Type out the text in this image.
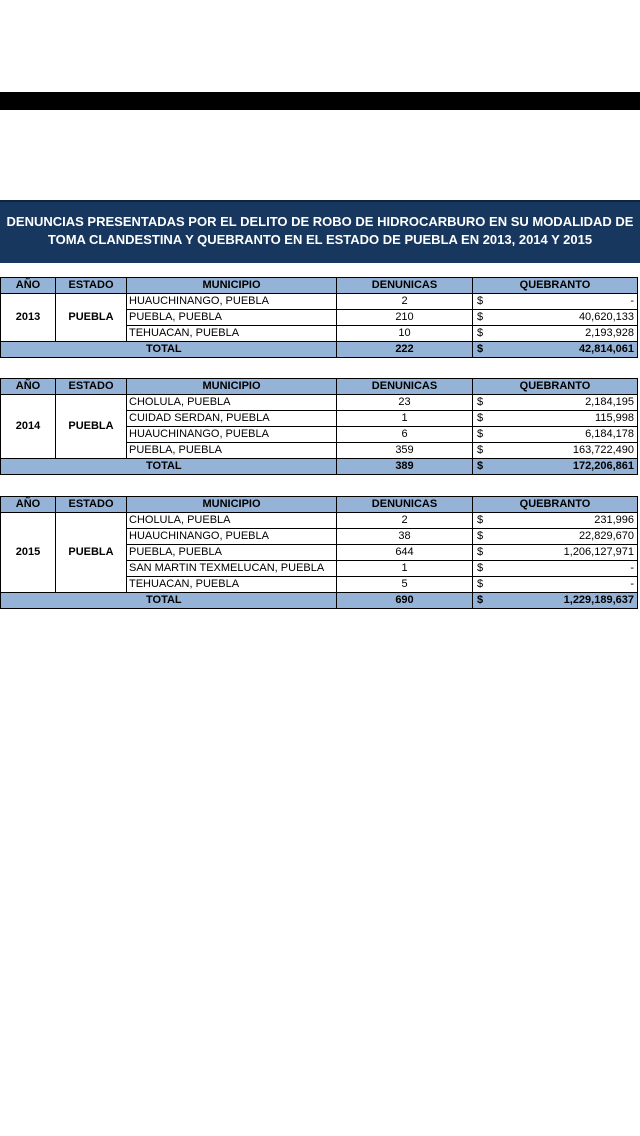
DENUNCIAS PRESENTADAS POR EL DELITO DE ROBO DE HIDROCARBURO EN SU MODALIDAD DE
TOMA CLANDESTINA Y QUEBRANTO EN EL ESTADO DE PUEBLA EN 2013, 2014 Y 2015
AÑO	ESTADO	MUNICIPIO	DENUNICAS	QUEBRANTO	
2013	PUEBLA	HUAUCHINANGO, PUEBLA	2	$	-
		PUEBLA, PUEBLA	210	$	40,620,133
		TEHUACAN, PUEBLA	10	$	2,193,928
TOTAL			222	$	42,814,061
AÑO	ESTADO	MUNICIPIO	DENUNICAS	QUEBRANTO	
2014	PUEBLA	CHOLULA, PUEBLA	23	$	2,184,195
		CUIDAD SERDAN, PUEBLA	1	$	115,998
		HUAUCHINANGO, PUEBLA	6	$	6,184,178
		PUEBLA, PUEBLA	359	$	163,722,490
TOTAL			389	$	172,206,861
AÑO	ESTADO	MUNICIPIO	DENUNICAS	QUEBRANTO	
2015	PUEBLA	CHOLULA, PUEBLA	2	$	231,996
		HUAUCHINANGO, PUEBLA	38	$	22,829,670
		PUEBLA, PUEBLA	644	$	1,206,127,971
		SAN MARTIN TEXMELUCAN, PUEBLA	1	$	-
		TEHUACAN, PUEBLA	5	$	-
TOTAL			690	$	1,229,189,637
